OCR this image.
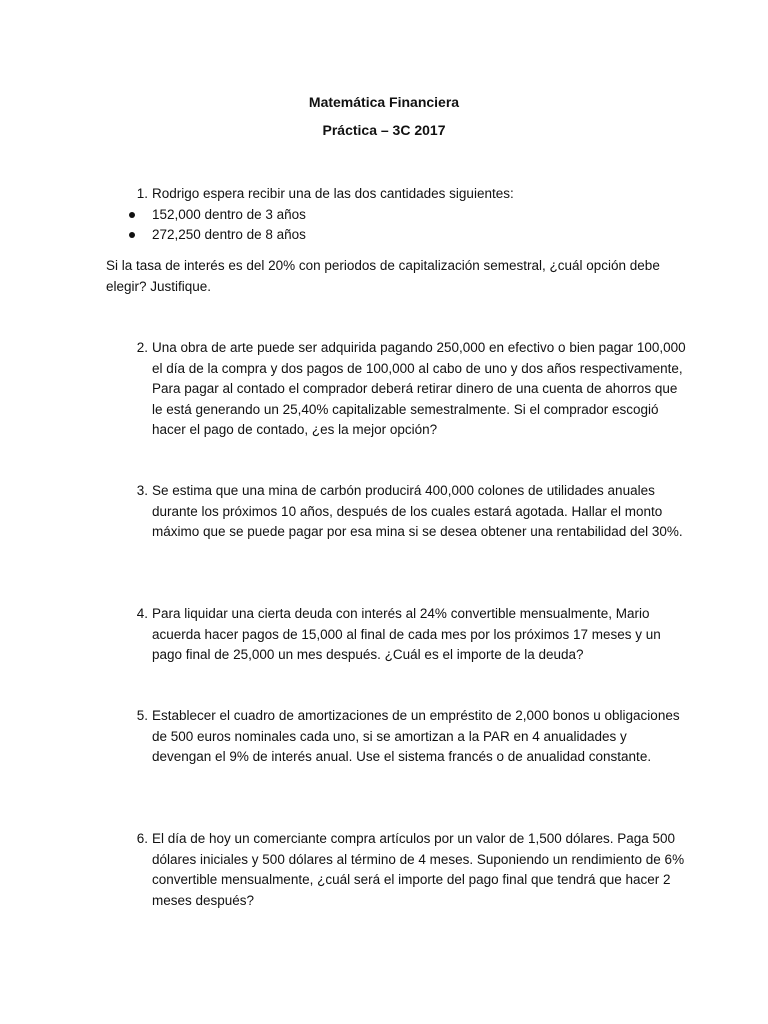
Matemática Financiera
Práctica – 3C 2017
1. Rodrigo espera recibir una de las dos cantidades siguientes:
152,000 dentro de 3 años
272,250 dentro de 8 años
Si la tasa de interés es del 20% con periodos de capitalización semestral, ¿cuál opción debe elegir? Justifique.
2. Una obra de arte puede ser adquirida pagando 250,000 en efectivo o bien pagar 100,000 el día de la compra y dos pagos de 100,000 al cabo de uno y dos años respectivamente, Para pagar al contado el comprador deberá retirar dinero de una cuenta de ahorros que le está generando un 25,40% capitalizable semestralmente. Si el comprador escogió hacer el pago de contado, ¿es la mejor opción?
3. Se estima que una mina de carbón producirá 400,000 colones de utilidades anuales durante los próximos 10 años, después de los cuales estará agotada. Hallar el monto máximo que se puede pagar por esa mina si se desea obtener una rentabilidad del 30%.
4. Para liquidar una cierta deuda con interés al 24% convertible mensualmente, Mario acuerda hacer pagos de 15,000 al final de cada mes por los próximos 17 meses y un pago final de 25,000 un mes después. ¿Cuál es el importe de la deuda?
5. Establecer el cuadro de amortizaciones de un empréstito de 2,000 bonos u obligaciones de 500 euros nominales cada uno, si se amortizan a la PAR en 4 anualidades y devengan el 9% de interés anual. Use el sistema francés o de anualidad constante.
6. El día de hoy un comerciante compra artículos por un valor de 1,500 dólares. Paga 500 dólares iniciales y 500 dólares al término de 4 meses. Suponiendo un rendimiento de 6% convertible mensualmente, ¿cuál será el importe del pago final que tendrá que hacer 2 meses después?
